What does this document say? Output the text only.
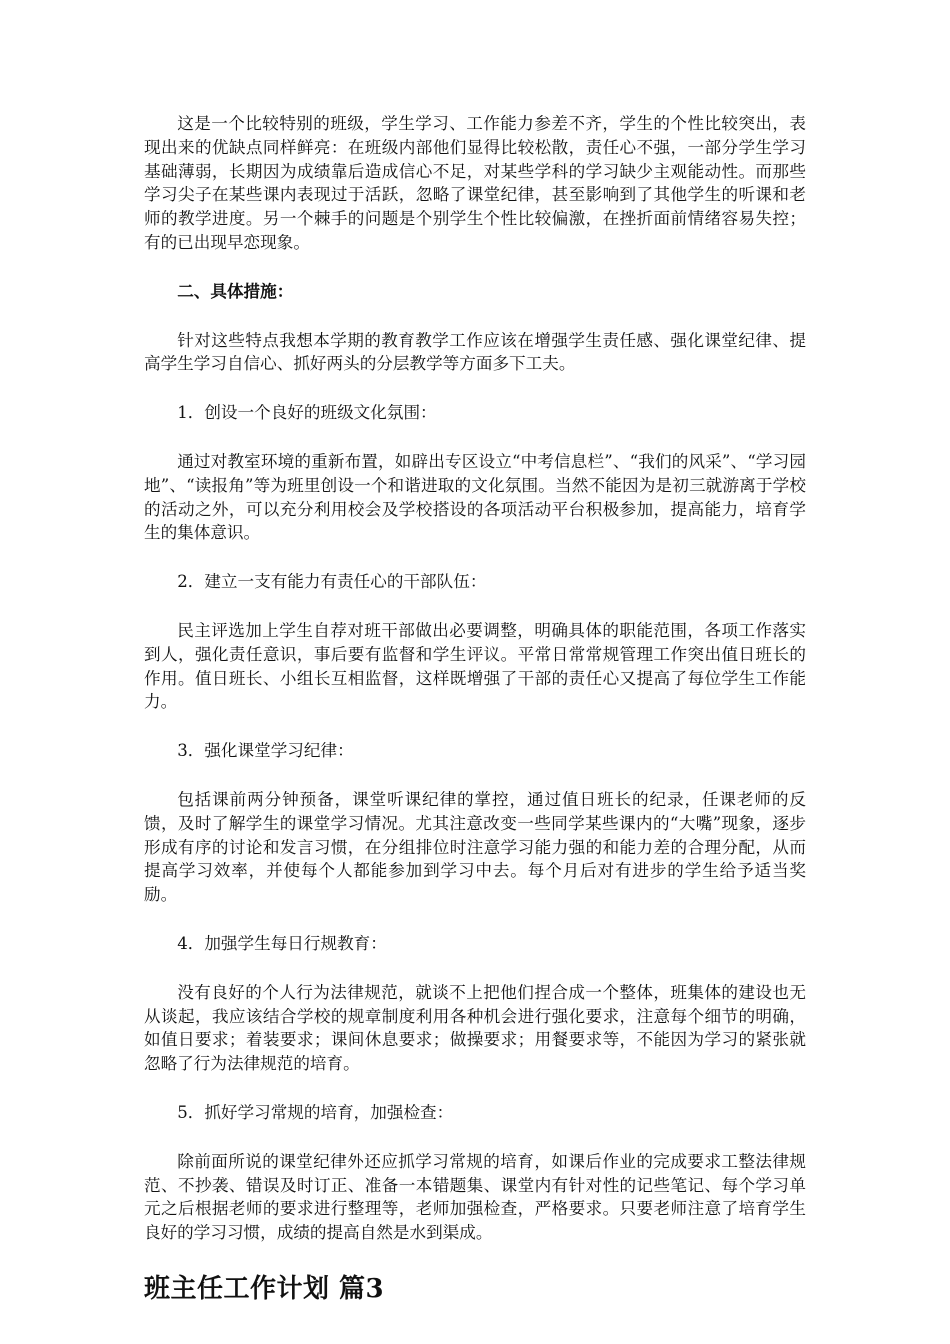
这是一个比较特别的班级，学生学习、工作能力参差不齐，学生的个性比较突出，表现出来的优缺点同样鲜亮：在班级内部他们显得比较松散，责任心不强，一部分学生学习基础薄弱，长期因为成绩靠后造成信心不足，对某些学科的学习缺少主观能动性。而那些学习尖子在某些课内表现过于活跃，忽略了课堂纪律，甚至影响到了其他学生的听课和老师的教学进度。另一个棘手的问题是个别学生个性比较偏激，在挫折面前情绪容易失控；有的已出现早恋现象。

二、具体措施：

针对这些特点我想本学期的教育教学工作应该在增强学生责任感、强化课堂纪律、提高学生学习自信心、抓好两头的分层教学等方面多下工夫。

1．创设一个良好的班级文化氛围：

通过对教室环境的重新布置，如辟出专区设立“中考信息栏”、“我们的风采”、“学习园地”、“读报角”等为班里创设一个和谐进取的文化氛围。当然不能因为是初三就游离于学校的活动之外，可以充分利用校会及学校搭设的各项活动平台积极参加，提高能力，培育学生的集体意识。

2．建立一支有能力有责任心的干部队伍：

民主评选加上学生自荐对班干部做出必要调整，明确具体的职能范围，各项工作落实到人，强化责任意识，事后要有监督和学生评议。平常日常常规管理工作突出值日班长的作用。值日班长、小组长互相监督，这样既增强了干部的责任心又提高了每位学生工作能力。

3．强化课堂学习纪律：

包括课前两分钟预备，课堂听课纪律的掌控，通过值日班长的纪录，任课老师的反馈，及时了解学生的课堂学习情况。尤其注意改变一些同学某些课内的“大嘴”现象，逐步形成有序的讨论和发言习惯，在分组排位时注意学习能力强的和能力差的合理分配，从而提高学习效率，并使每个人都能参加到学习中去。每个月后对有进步的学生给予适当奖励。

4．加强学生每日行规教育：

没有良好的个人行为法律规范，就谈不上把他们捏合成一个整体，班集体的建设也无从谈起，我应该结合学校的规章制度利用各种机会进行强化要求，注意每个细节的明确，如值日要求；着装要求；课间休息要求；做操要求；用餐要求等，不能因为学习的紧张就忽略了行为法律规范的培育。

5．抓好学习常规的培育，加强检查：

除前面所说的课堂纪律外还应抓学习常规的培育，如课后作业的完成要求工整法律规范、不抄袭、错误及时订正、准备一本错题集、课堂内有针对性的记些笔记、每个学习单元之后根据老师的要求进行整理等，老师加强检查，严格要求。只要老师注意了培育学生良好的学习习惯，成绩的提高自然是水到渠成。

班主任工作计划 篇3
